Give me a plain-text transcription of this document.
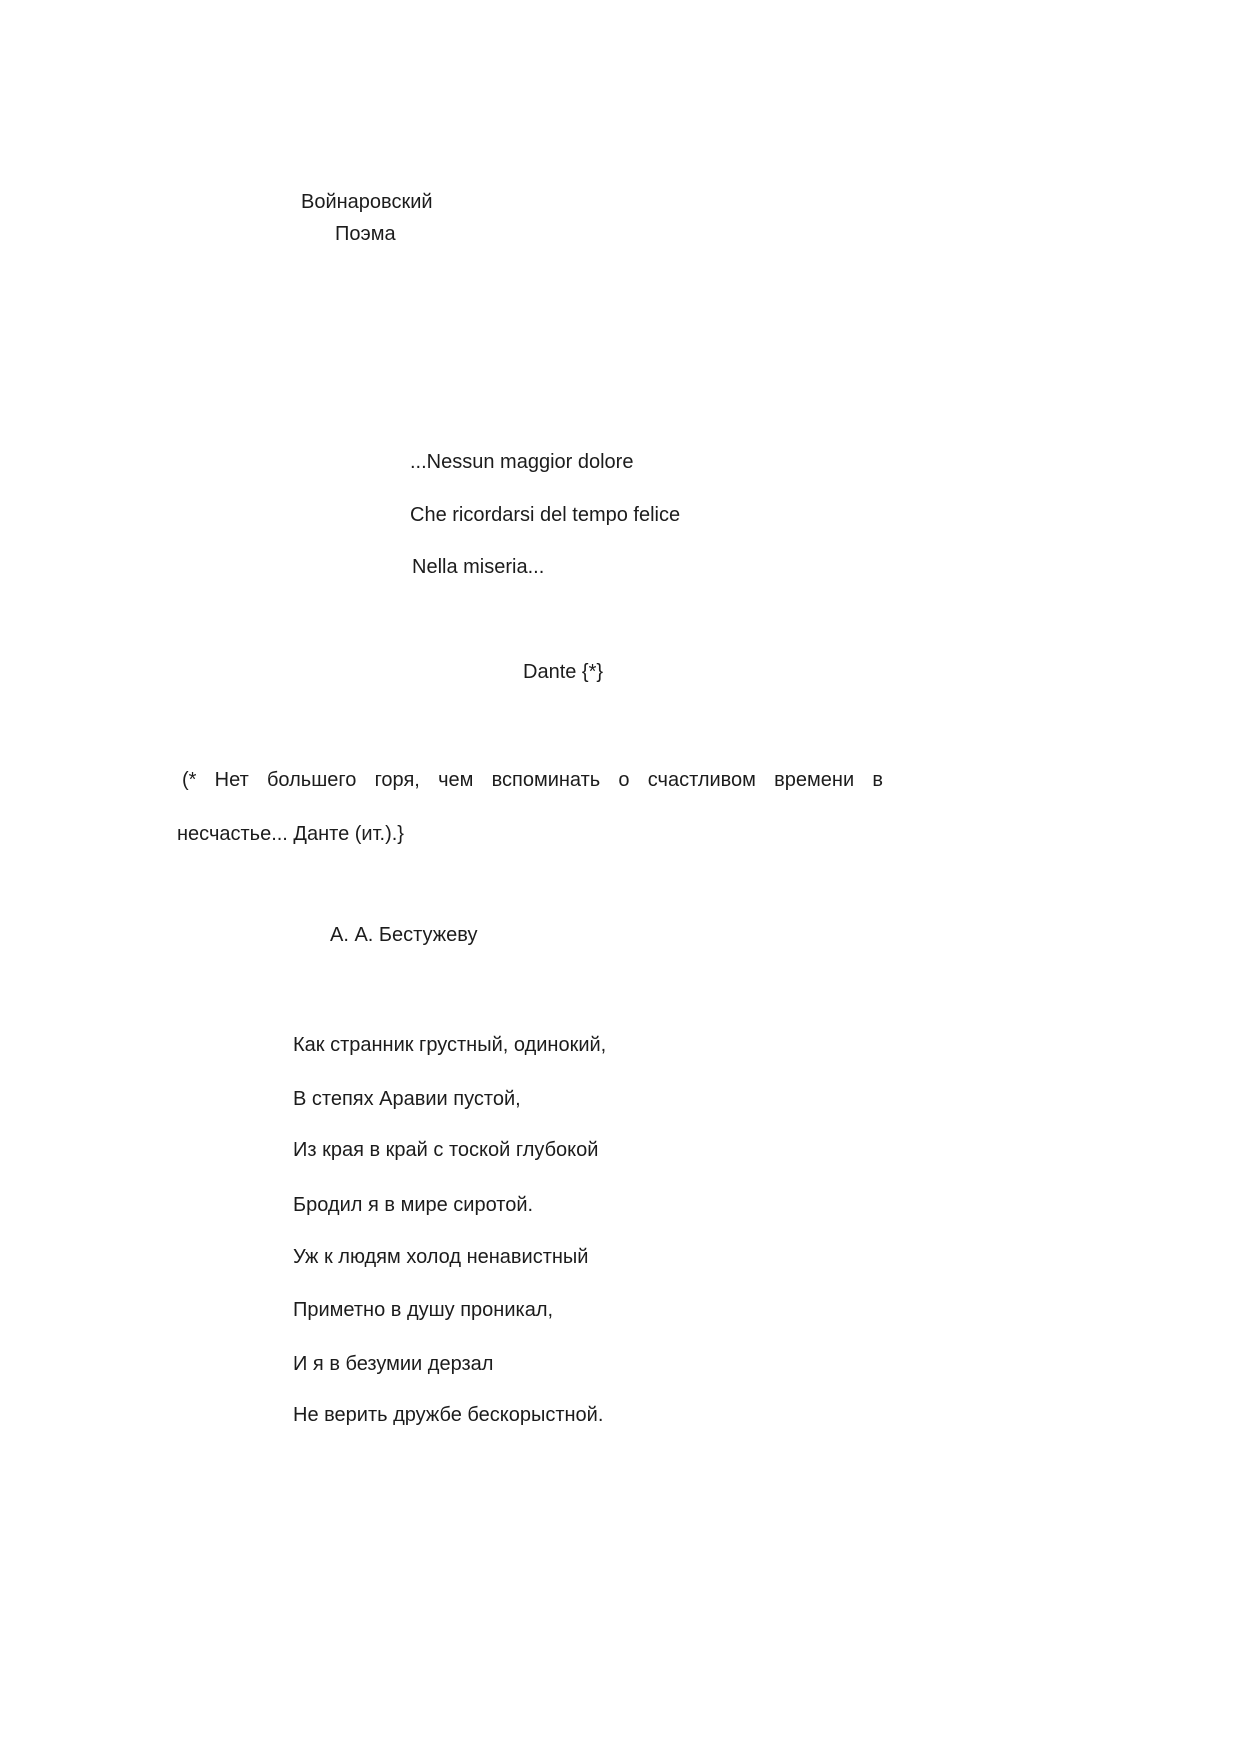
Войнаровский
Поэма
...Nessun maggior dolore
Che ricordarsi del tempo felice
Nella miseria...
Dante {*}
(* Нет большего горя, чем вспоминать о счастливом времени в
несчастье... Данте (ит.).}
А. А. Бестужеву
Как странник грустный, одинокий,
В степях Аравии пустой,
Из края в край с тоской глубокой
Бродил я в мире сиротой.
Уж к людям холод ненавистный
Приметно в душу проникал,
И я в безумии дерзал
Не верить дружбе бескорыстной.
